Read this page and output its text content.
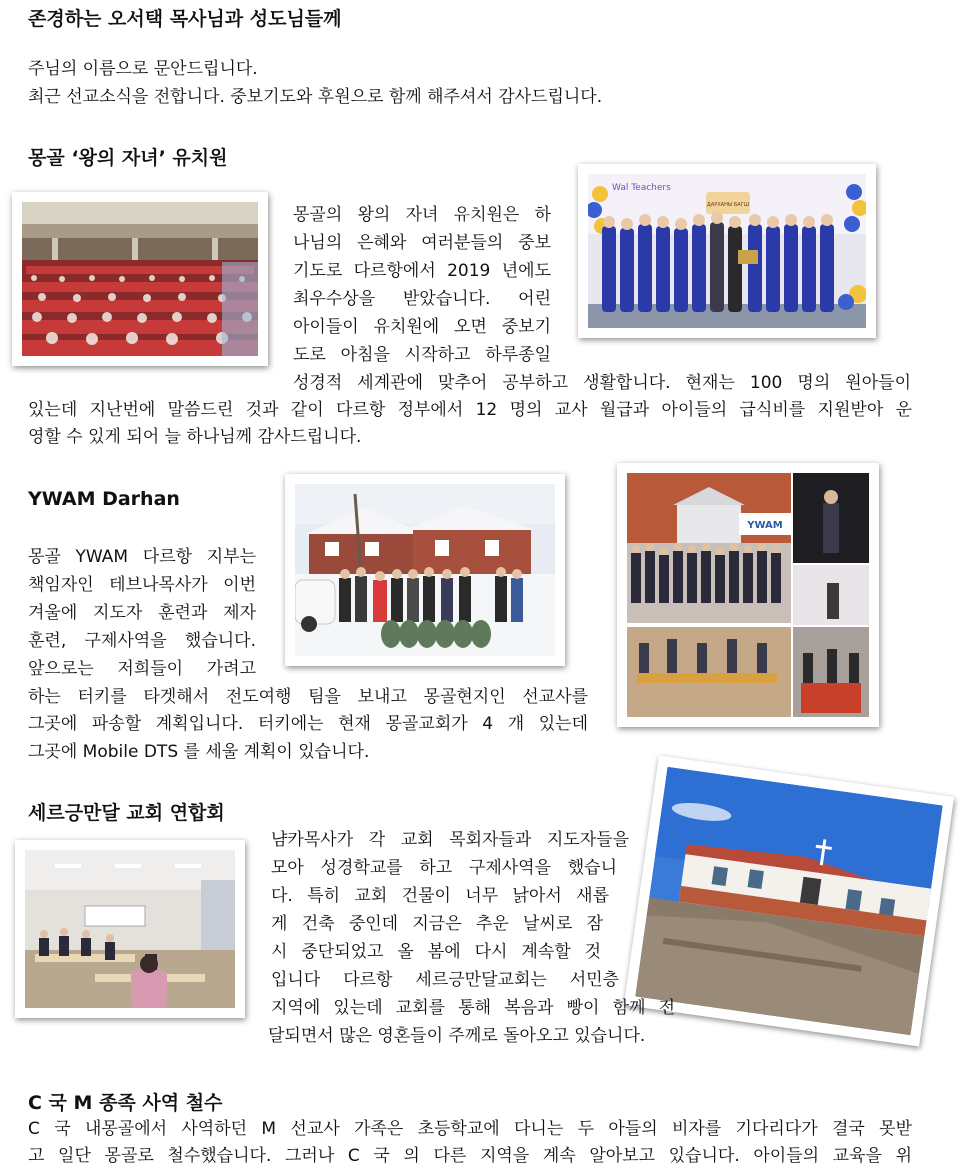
존경하는 오서택 목사님과 성도님들께
주님의 이름으로 문안드립니다.
최근 선교소식을 전합니다. 중보기도와 후원으로 함께 해주셔서 감사드립니다.
몽골 ‘왕의 자녀’ 유치원
Wal Teachers
ДАРХАНЫ БАГШ
몽골의 왕의 자녀 유치원은 하
나님의 은혜와 여러분들의 중보
기도로 다르항에서 2019 년에도
최우수상을 받았습니다. 어린
아이들이 유치원에 오면 중보기
도로 아침을 시작하고 하루종일
성경적 세계관에 맞추어 공부하고 생활합니다. 현재는 100 명의 원아들이
있는데 지난번에 말씀드린 것과 같이 다르항 정부에서 12 명의 교사 월급과 아이들의 급식비를 지원받아 운
영할 수 있게 되어 늘 하나님께 감사드립니다.
YWAM Darhan
YWAM
몽골 YWAM 다르항 지부는
책임자인 테브나목사가 이번
겨울에 지도자 훈련과 제자
훈련, 구제사역을 했습니다.
앞으로는 저희들이 가려고
하는 터키를 타겟해서 전도여행 팀을 보내고 몽골현지인 선교사를
그곳에 파송할 계획입니다. 터키에는 현재 몽골교회가 4 개 있는데
그곳에 Mobile DTS 를 세울 계획이 있습니다.
세르긍만달 교회 연합회
냠카목사가 각 교회 목회자들과 지도자들을
모아 성경학교를 하고 구제사역을 했습니
다. 특히 교회 건물이 너무 낡아서 새롭
게 건축 중인데 지금은 추운 날씨로 잠
시 중단되었고 올 봄에 다시 계속할 것
입니다 다르항 세르긍만달교회는 서민층
지역에 있는데 교회를 통해 복음과 빵이 함께 전
달되면서 많은 영혼들이 주께로 돌아오고 있습니다.
C 국 M 종족 사역 철수
C 국 내몽골에서 사역하던 M 선교사 가족은 초등학교에 다니는 두 아들의 비자를 기다리다가 결국 못받
고 일단 몽골로 철수했습니다. 그러나 C 국 의 다른 지역을 계속 알아보고 있습니다. 아이들의 교육을 위
